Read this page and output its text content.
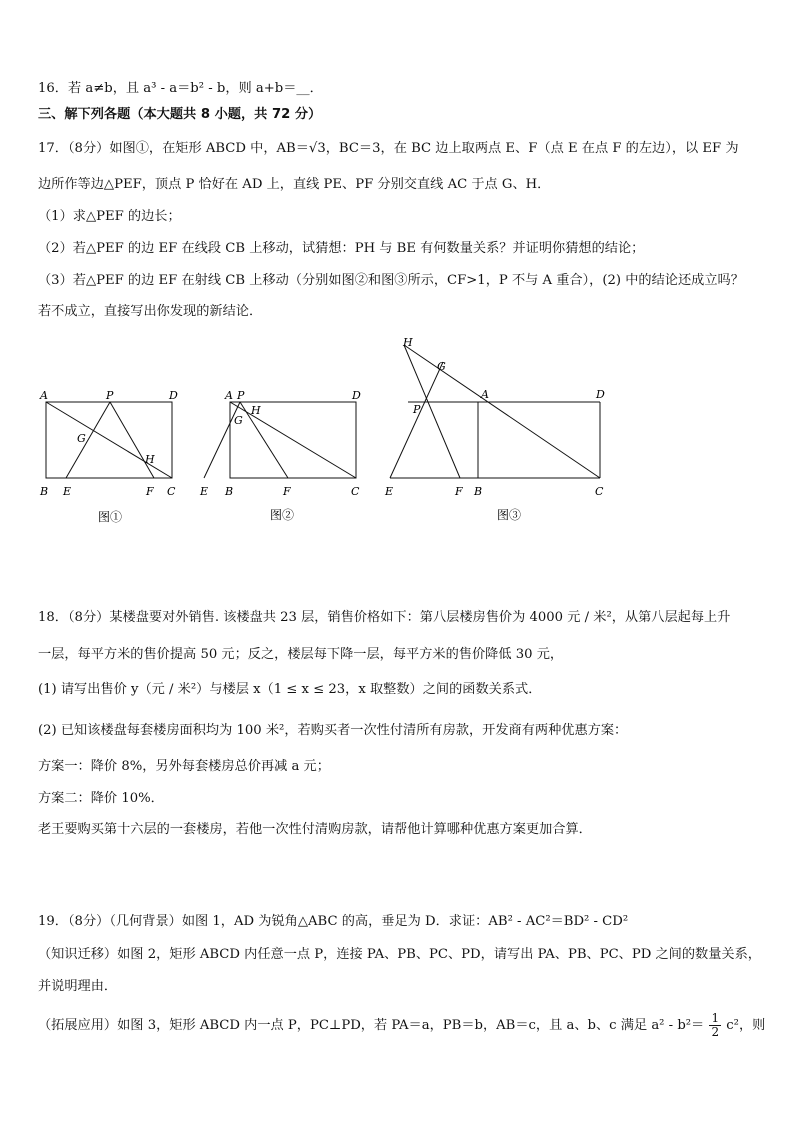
16．若 a≠b，且 a³ - a＝b² - b，则 a+b＝__．
三、解下列各题（本大题共 8 小题，共 72 分）
17．（8分）如图①，在矩形 ABCD 中，AB＝√3，BC＝3，在 BC 边上取两点 E、F（点 E 在点 F 的左边），以 EF 为
边所作等边△PEF，顶点 P 恰好在 AD 上，直线 PE、PF 分别交直线 AC 于点 G、H．
（1）求△PEF 的边长；
（2）若△PEF 的边 EF 在线段 CB 上移动，试猜想：PH 与 BE 有何数量关系？并证明你猜想的结论；
（3）若△PEF 的边 EF 在射线 CB 上移动（分别如图②和图③所示，CF>1，P 不与 A 重合），(2) 中的结论还成立吗？
若不成立，直接写出你发现的新结论．
A	P	D
G
H
B E	F C
图①
A P	D
H
G
E B	F	C
图②
H
G
A	D
P
E	F B	C
图③
18．（8分）某楼盘要对外销售. 该楼盘共 23 层，销售价格如下：第八层楼房售价为 4000 元 / 米²，从第八层起每上升
一层，每平方米的售价提高 50 元；反之，楼层每下降一层，每平方米的售价降低 30 元，
(1) 请写出售价 y（元 / 米²）与楼层 x（1 ≤ x ≤ 23，x 取整数）之间的函数关系式．
(2) 已知该楼盘每套楼房面积均为 100 米²，若购买者一次性付清所有房款，开发商有两种优惠方案：
方案一：降价 8%，另外每套楼房总价再减 a 元；
方案二：降价 10%．
老王要购买第十六层的一套楼房，若他一次性付清购房款，请帮他计算哪种优惠方案更加合算．
19．（8分）（几何背景）如图 1，AD 为锐角△ABC 的高，垂足为 D．求证：AB² - AC²＝BD² - CD²
（知识迁移）如图 2，矩形 ABCD 内任意一点 P，连接 PA、PB、PC、PD，请写出 PA、PB、PC、PD 之间的数量关系，
并说明理由．
（拓展应用）如图 3，矩形 ABCD 内一点 P，PC⊥PD，若 PA＝a，PB＝b，AB＝c，且 a、b、c 满足 $a^2 - b^2= \frac{1}{2} c^2$，则
